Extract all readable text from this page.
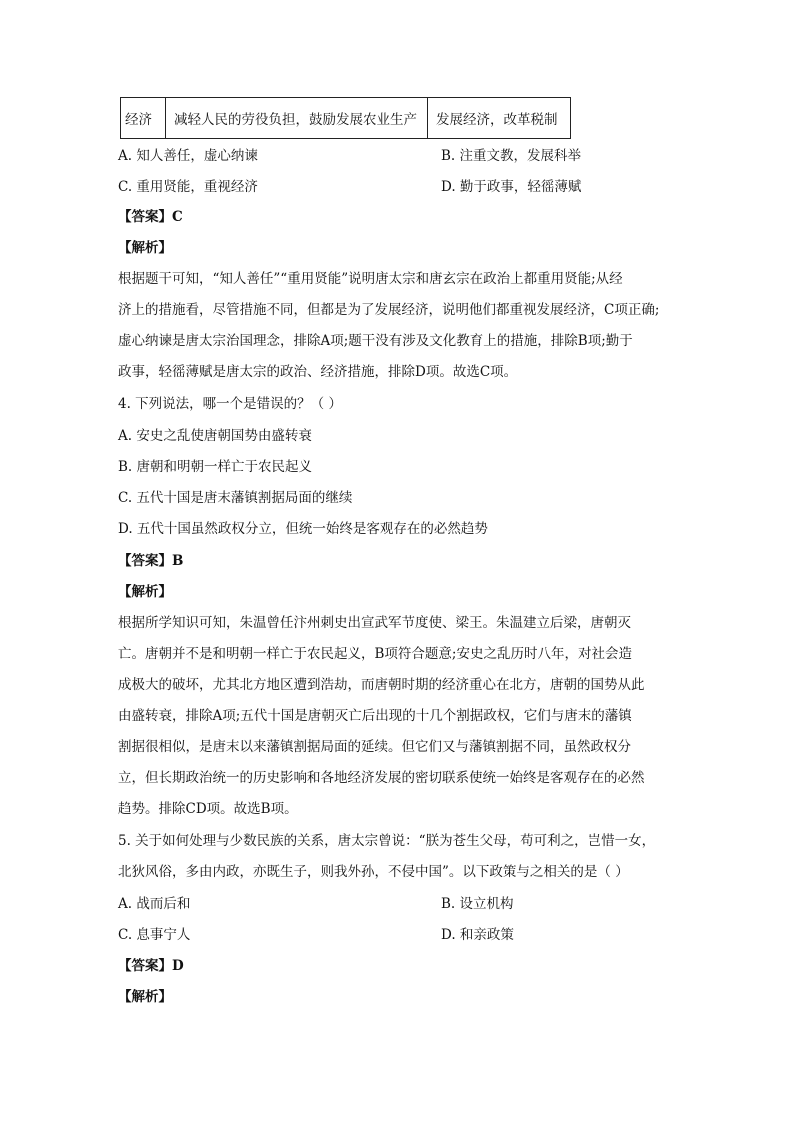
经济	减轻人民的劳役负担，鼓励发展农业生产	发展经济，改革税制
A. 知人善任，虚心纳谏	B. 注重文教，发展科举
C. 重用贤能，重视经济	D. 勤于政事，轻徭薄赋
【答案】C
【解析】
根据题干可知，“知人善任”“重用贤能”说明唐太宗和唐玄宗在政治上都重用贤能;从经
济上的措施看，尽管措施不同，但都是为了发展经济，说明他们都重视发展经济，C项正确;
虚心纳谏是唐太宗治国理念，排除A项;题干没有涉及文化教育上的措施，排除B项;勤于
政事，轻徭薄赋是唐太宗的政治、经济措施，排除D项。故选C项。
4. 下列说法，哪一个是错误的？（ ）
A. 安史之乱使唐朝国势由盛转衰
B. 唐朝和明朝一样亡于农民起义
C. 五代十国是唐末藩镇割据局面的继续
D. 五代十国虽然政权分立，但统一始终是客观存在的必然趋势
【答案】B
【解析】
根据所学知识可知，朱温曾任汴州刺史出宣武军节度使、梁王。朱温建立后梁，唐朝灭
亡。唐朝并不是和明朝一样亡于农民起义，B项符合题意;安史之乱历时八年，对社会造
成极大的破坏，尤其北方地区遭到浩劫，而唐朝时期的经济重心在北方，唐朝的国势从此
由盛转衰，排除A项;五代十国是唐朝灭亡后出现的十几个割据政权，它们与唐末的藩镇
割据很相似，是唐末以来藩镇割据局面的延续。但它们又与藩镇割据不同，虽然政权分
立，但长期政治统一的历史影响和各地经济发展的密切联系使统一始终是客观存在的必然
趋势。排除CD项。故选B项。
5. 关于如何处理与少数民族的关系，唐太宗曾说：“朕为苍生父母，苟可利之，岂惜一女，
北狄风俗，多由内政，亦既生子，则我外孙，不侵中国”。以下政策与之相关的是（ ）
A. 战而后和	B. 设立机构
C. 息事宁人	D. 和亲政策
【答案】D
【解析】
